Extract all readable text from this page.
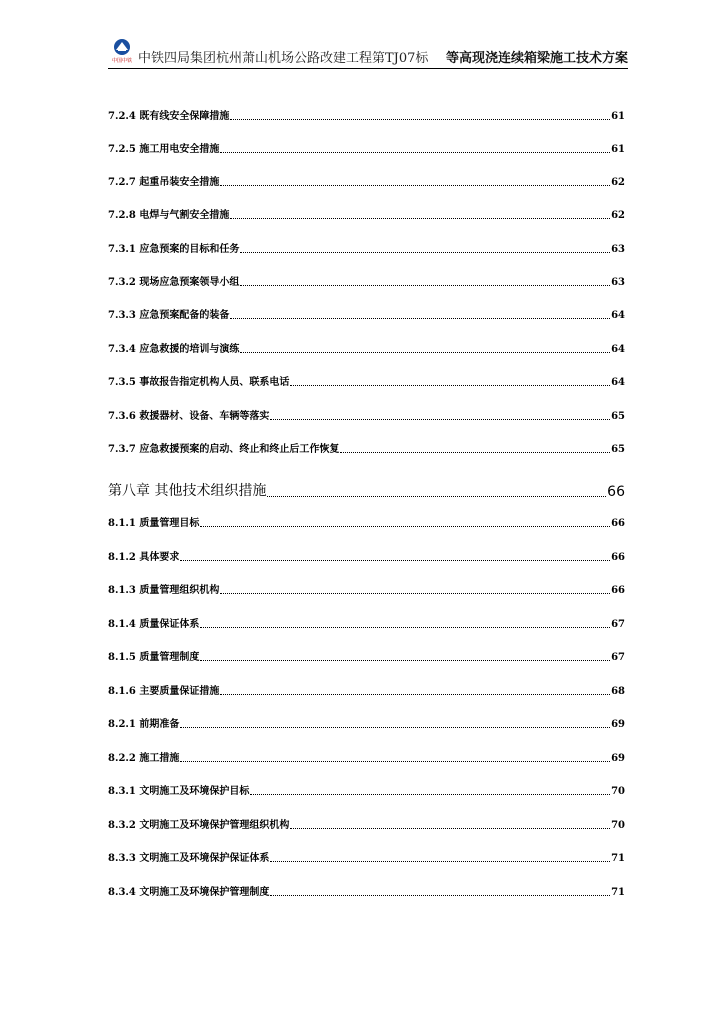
中国中铁 中铁四局集团杭州萧山机场公路改建工程第TJ07标 等高现浇连续箱梁施工技术方案
7.2.4 既有线安全保障措施	61
7.2.5 施工用电安全措施	61
7.2.7 起重吊装安全措施	62
7.2.8 电焊与气割安全措施	62
7.3.1 应急预案的目标和任务	63
7.3.2 现场应急预案领导小组	63
7.3.3 应急预案配备的装备	64
7.3.4 应急救援的培训与演练	64
7.3.5 事故报告指定机构人员、联系电话	64
7.3.6 救援器材、设备、车辆等落实	65
7.3.7 应急救援预案的启动、终止和终止后工作恢复	65
第八章 其他技术组织措施	66
8.1.1 质量管理目标	66
8.1.2 具体要求	66
8.1.3 质量管理组织机构	66
8.1.4 质量保证体系	67
8.1.5 质量管理制度	67
8.1.6 主要质量保证措施	68
8.2.1 前期准备	69
8.2.2 施工措施	69
8.3.1 文明施工及环境保护目标	70
8.3.2 文明施工及环境保护管理组织机构	70
8.3.3 文明施工及环境保护保证体系	71
8.3.4 文明施工及环境保护管理制度	71
